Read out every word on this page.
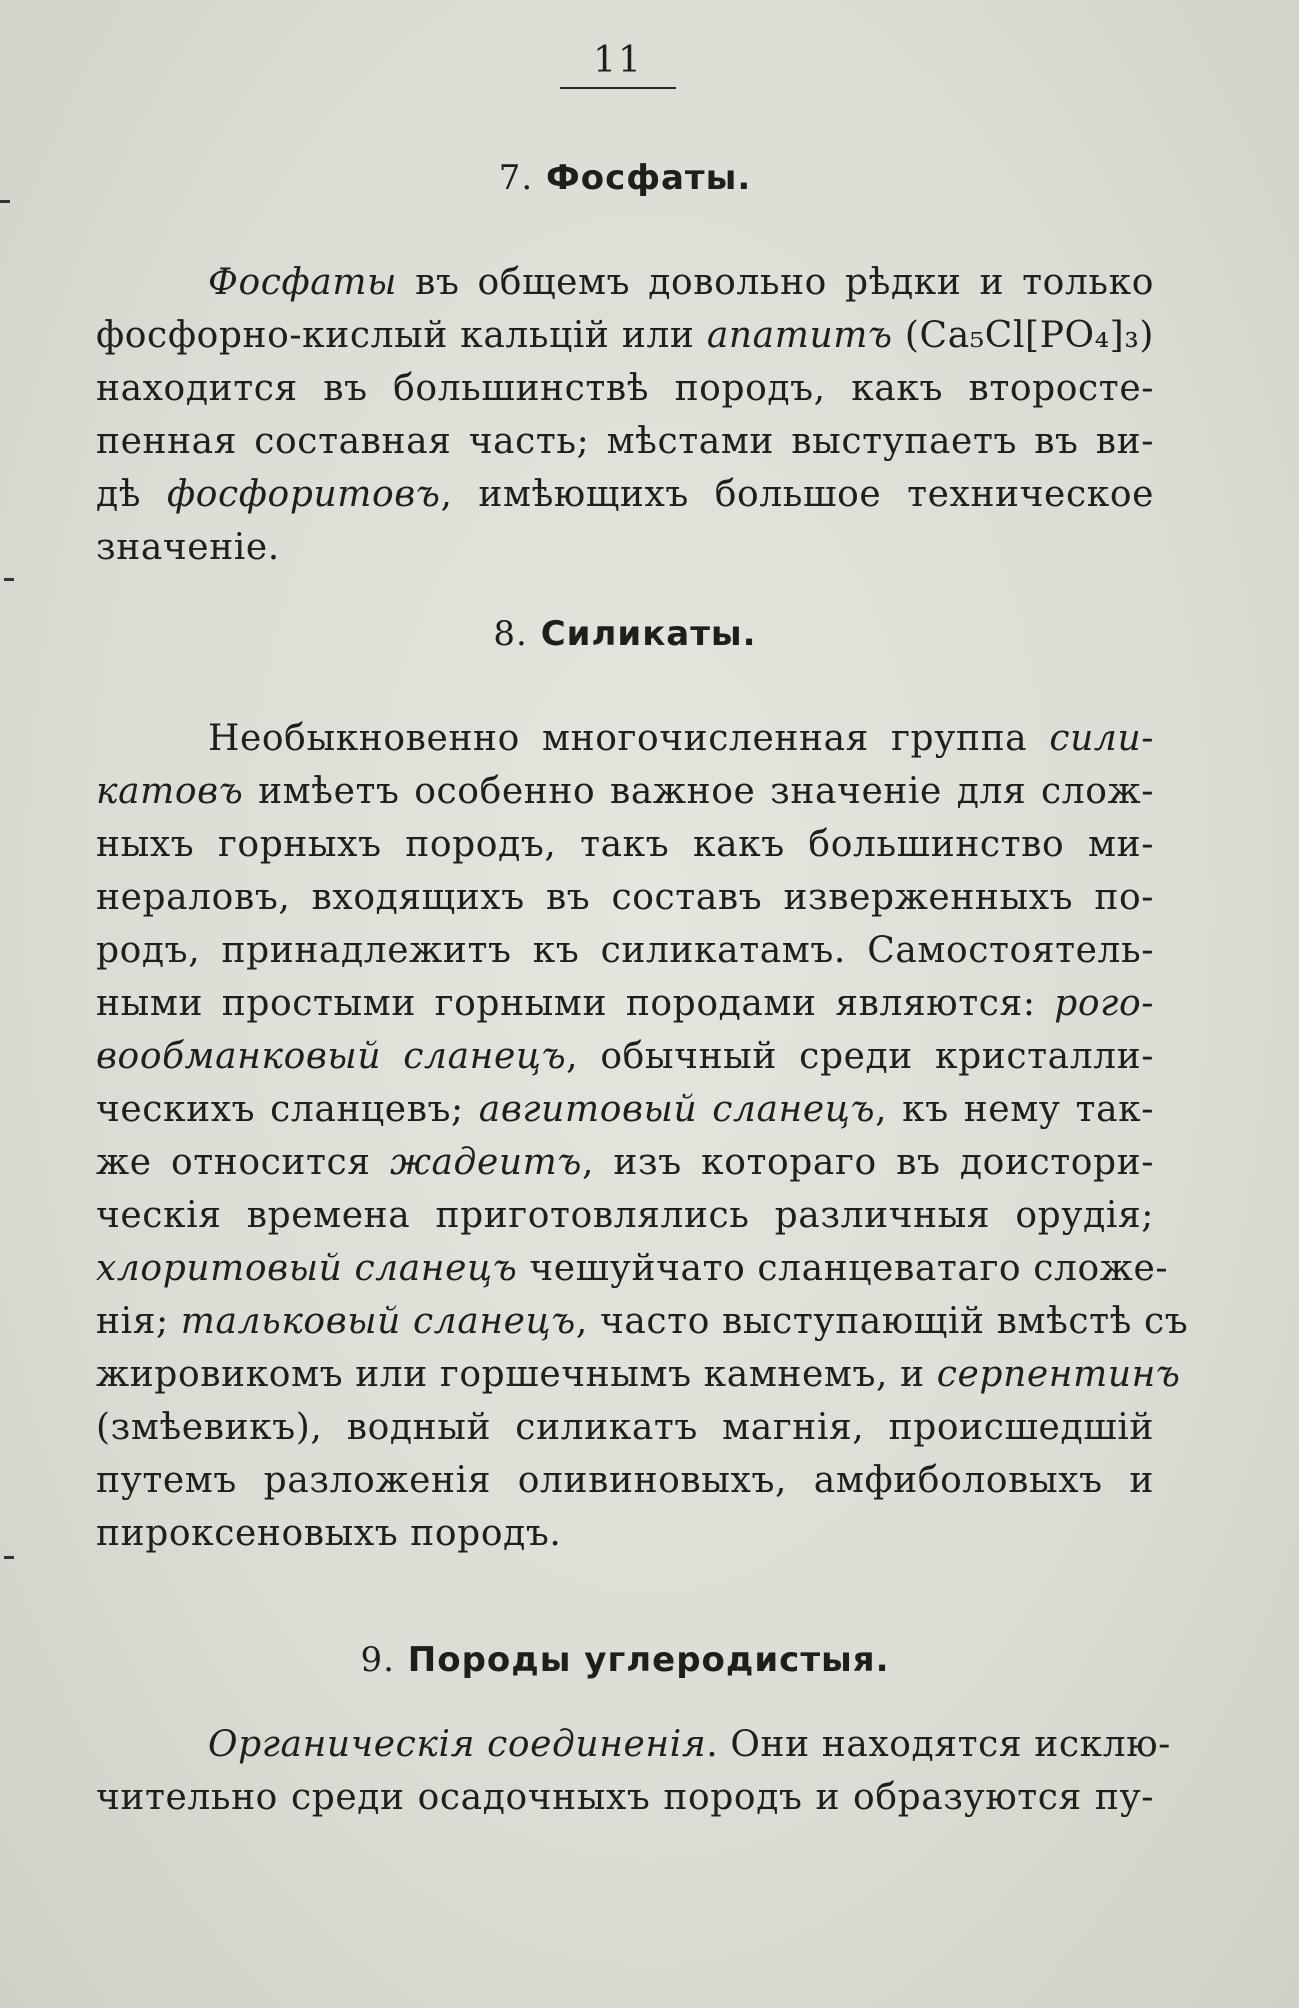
11
7. Фосфаты.
Фосфаты въ общемъ довольно рѣдки и только
фосфорно-кислый кальцій или апатитъ (Са₅Cl[PO₄]₃)
находится въ большинствѣ породъ, какъ второсте-
пенная составная часть; мѣстами выступаетъ въ ви-
дѣ фосфоритовъ, имѣющихъ большое техническое
значеніе.
8. Силикаты.
Необыкновенно многочисленная группа сили-
катовъ имѣетъ особенно важное значеніе для слож-
ныхъ горныхъ породъ, такъ какъ большинство ми-
нераловъ, входящихъ въ составъ изверженныхъ по-
родъ, принадлежитъ къ силикатамъ. Самостоятель-
ными простыми горными породами являются: рого-
вообманковый сланецъ, обычный среди кристалли-
ческихъ сланцевъ; авгитовый сланецъ, къ нему так-
же относится жадеитъ, изъ котораго въ доистори-
ческія времена приготовлялись различныя орудія;
хлоритовый сланецъ чешуйчато сланцеватаго сложе-
нія; тальковый сланецъ, часто выступающій вмѣстѣ съ
жировикомъ или горшечнымъ камнемъ, и серпентинъ
(змѣевикъ), водный силикатъ магнія, происшедшій
путемъ разложенія оливиновыхъ, амфиболовыхъ и
пироксеновыхъ породъ.
9. Породы углеродистыя.
Органическія соединенія. Они находятся исклю-
чительно среди осадочныхъ породъ и образуются пу-
